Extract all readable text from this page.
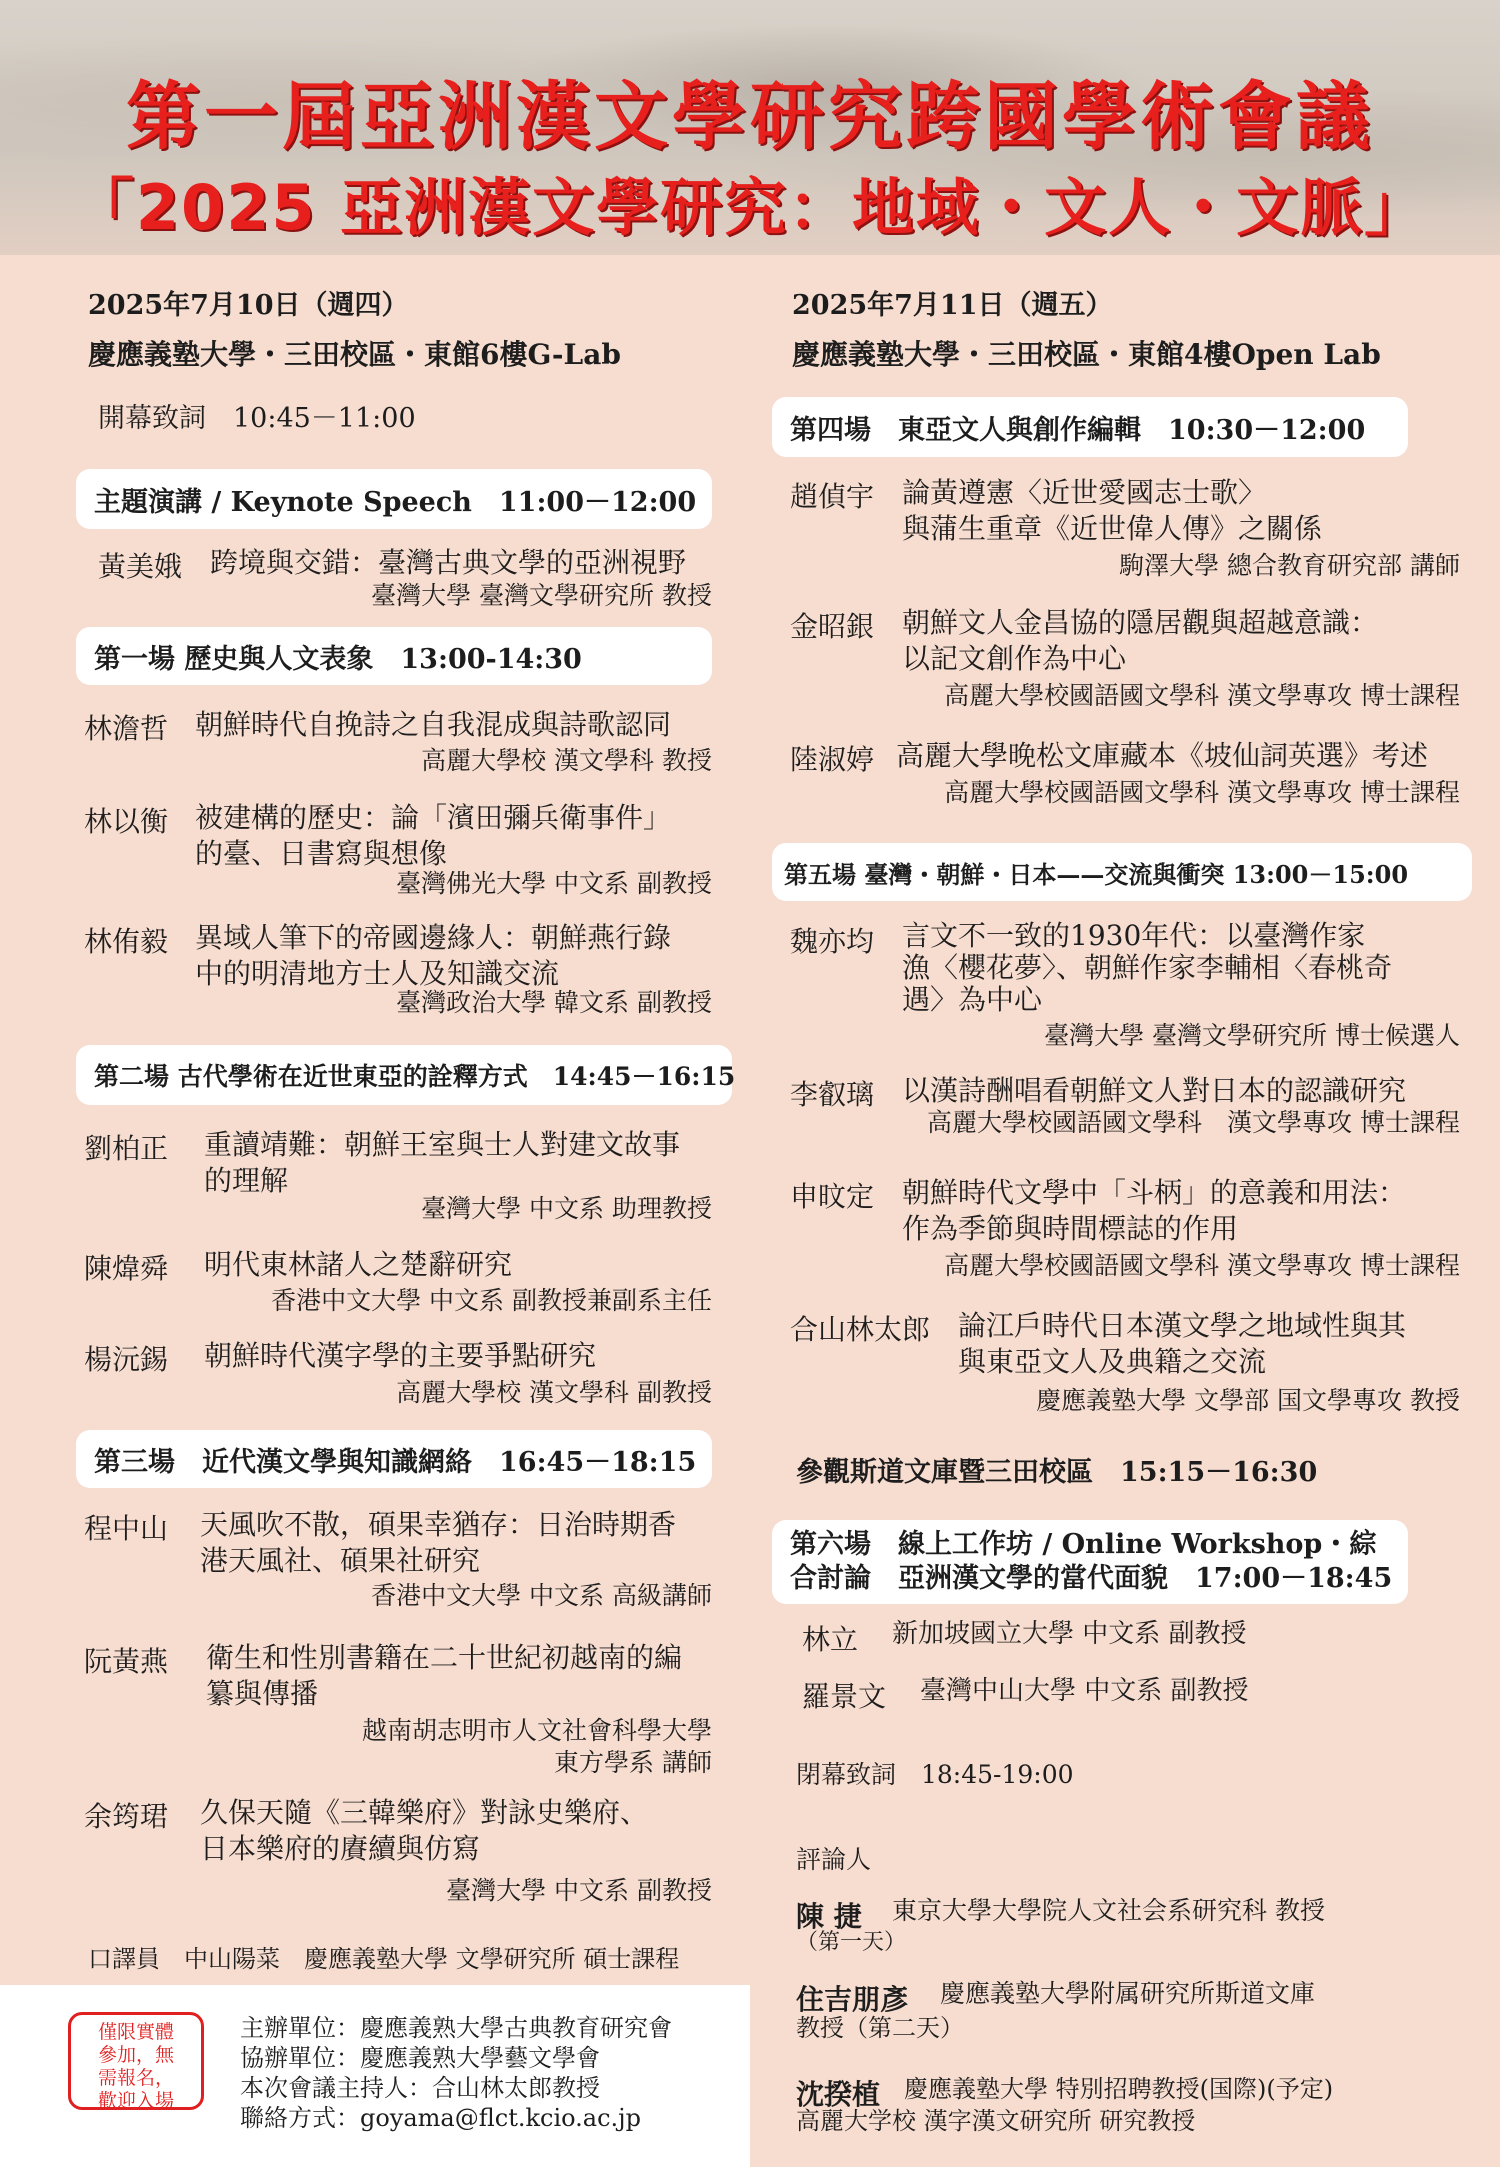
第一屆亞洲漢文學研究跨國學術會議
「2025 亞洲漢文學研究：地域・文人・文脈」
2025年7月10日（週四）
慶應義塾大學・三田校區・東館6樓G-Lab
開幕致詞　10:45－11:00
主題演講 / Keynote Speech　11:00－12:00
黃美娥 跨境與交錯：臺灣古典文學的亞洲視野
臺灣大學 臺灣文學研究所 教授
第一場 歷史與人文表象　13:00-14:30
林澹哲 朝鮮時代自挽詩之自我混成與詩歌認同
高麗大學校 漢文學科 教授
林以衡 被建構的歷史：論「濱田彌兵衛事件」
的臺、日書寫與想像
臺灣佛光大學 中文系 副教授
林侑毅 異域人筆下的帝國邊緣人：朝鮮燕行錄
中的明清地方士人及知識交流
臺灣政治大學 韓文系 副教授
第二場 古代學術在近世東亞的詮釋方式　14:45－16:15
劉柏正 重讀靖難：朝鮮王室與士人對建文故事
的理解
臺灣大學 中文系 助理教授
陳煒舜 明代東林諸人之楚辭研究
香港中文大學 中文系 副教授兼副系主任
楊沅錫 朝鮮時代漢字學的主要爭點研究
高麗大學校 漢文學科 副教授
第三場　近代漢文學與知識網絡　16:45－18:15
程中山 天風吹不散，碩果幸猶存：日治時期香
港天風社、碩果社研究
香港中文大學 中文系 高級講師
阮黃燕 衛生和性別書籍在二十世紀初越南的編
纂與傳播
越南胡志明市人文社會科學大學
東方學系 講師
余筠珺 久保天隨《三韓樂府》對詠史樂府、
日本樂府的賡續與仿寫
臺灣大學 中文系 副教授
口譯員　中山陽菜　慶應義塾大學 文學研究所 碩士課程
2025年7月11日（週五）
慶應義塾大學・三田校區・東館4樓Open Lab
第四場　東亞文人與創作編輯　10:30－12:00
趙偵宇 論黃遵憲〈近世愛國志士歌〉
與蒲生重章《近世偉人傳》之關係
駒澤大學 總合教育研究部 講師
金昭銀 朝鮮文人金昌協的隱居觀與超越意識：
以記文創作為中心
高麗大學校國語國文學科 漢文學專攻 博士課程
陸淑婷 高麗大學晚松文庫藏本《坡仙詞英選》考述
高麗大學校國語國文學科 漢文學專攻 博士課程
第五場 臺灣・朝鮮・日本——交流與衝突 13:00－15:00
魏亦均 言文不一致的1930年代：以臺灣作家
漁〈櫻花夢〉、朝鮮作家李輔相〈春桃奇
遇〉為中心
臺灣大學 臺灣文學研究所 博士候選人
李叡璃 以漢詩酬唱看朝鮮文人對日本的認識研究
高麗大學校國語國文學科　漢文學專攻 博士課程
申旼定 朝鮮時代文學中「斗柄」的意義和用法：
作為季節與時間標誌的作用
高麗大學校國語國文學科 漢文學專攻 博士課程
合山林太郎 論江戶時代日本漢文學之地域性與其
與東亞文人及典籍之交流
慶應義塾大學 文學部 国文學專攻 教授
參觀斯道文庫暨三田校區　15:15－16:30
第六場　線上工作坊 / Online Workshop・綜
合討論　亞洲漢文學的當代面貌　17:00－18:45
林立 新加坡國立大學 中文系 副教授
羅景文 臺灣中山大學 中文系 副教授
閉幕致詞　18:45-19:00
評論人
陳 捷 東京大學大學院人文社会系研究科 教授
（第一天）
住吉朋彥 慶應義塾大學附属研究所斯道文庫
教授（第二天）
沈揆植 慶應義塾大學 特別招聘教授(国際)(予定)
高麗大学校 漢字漢文研究所 研究教授
僅限實體
參加，無
需報名，
歡迎入場
主辦單位：慶應義熟大學古典教育研究會
協辦單位：慶應義熟大學藝文學會
本次會議主持人：合山林太郎教授
聯絡方式：goyama@flct.kcio.ac.jp
